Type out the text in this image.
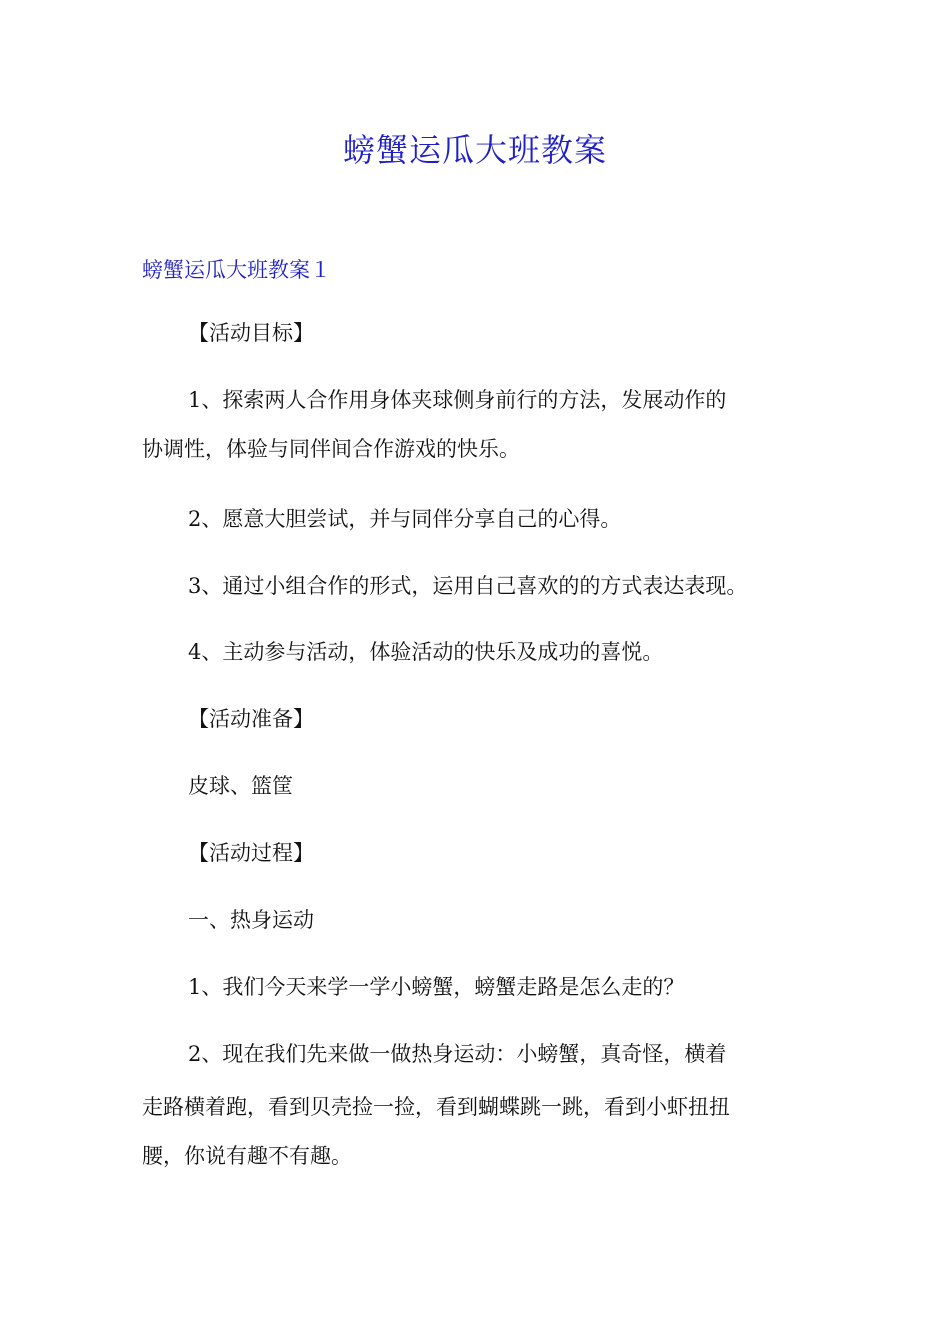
螃蟹运瓜大班教案
螃蟹运瓜大班教案１
【活动目标】
1、探索两人合作用身体夹球侧身前行的方法，发展动作的
协调性，体验与同伴间合作游戏的快乐。
2、愿意大胆尝试，并与同伴分享自己的心得。
3、通过小组合作的形式，运用自己喜欢的的方式表达表现。
4、主动参与活动，体验活动的快乐及成功的喜悦。
【活动准备】
皮球、篮筐
【活动过程】
一、热身运动
1、我们今天来学一学小螃蟹，螃蟹走路是怎么走的？
2、现在我们先来做一做热身运动：小螃蟹，真奇怪，横着
走路横着跑，看到贝壳捡一捡，看到蝴蝶跳一跳，看到小虾扭扭
腰，你说有趣不有趣。
